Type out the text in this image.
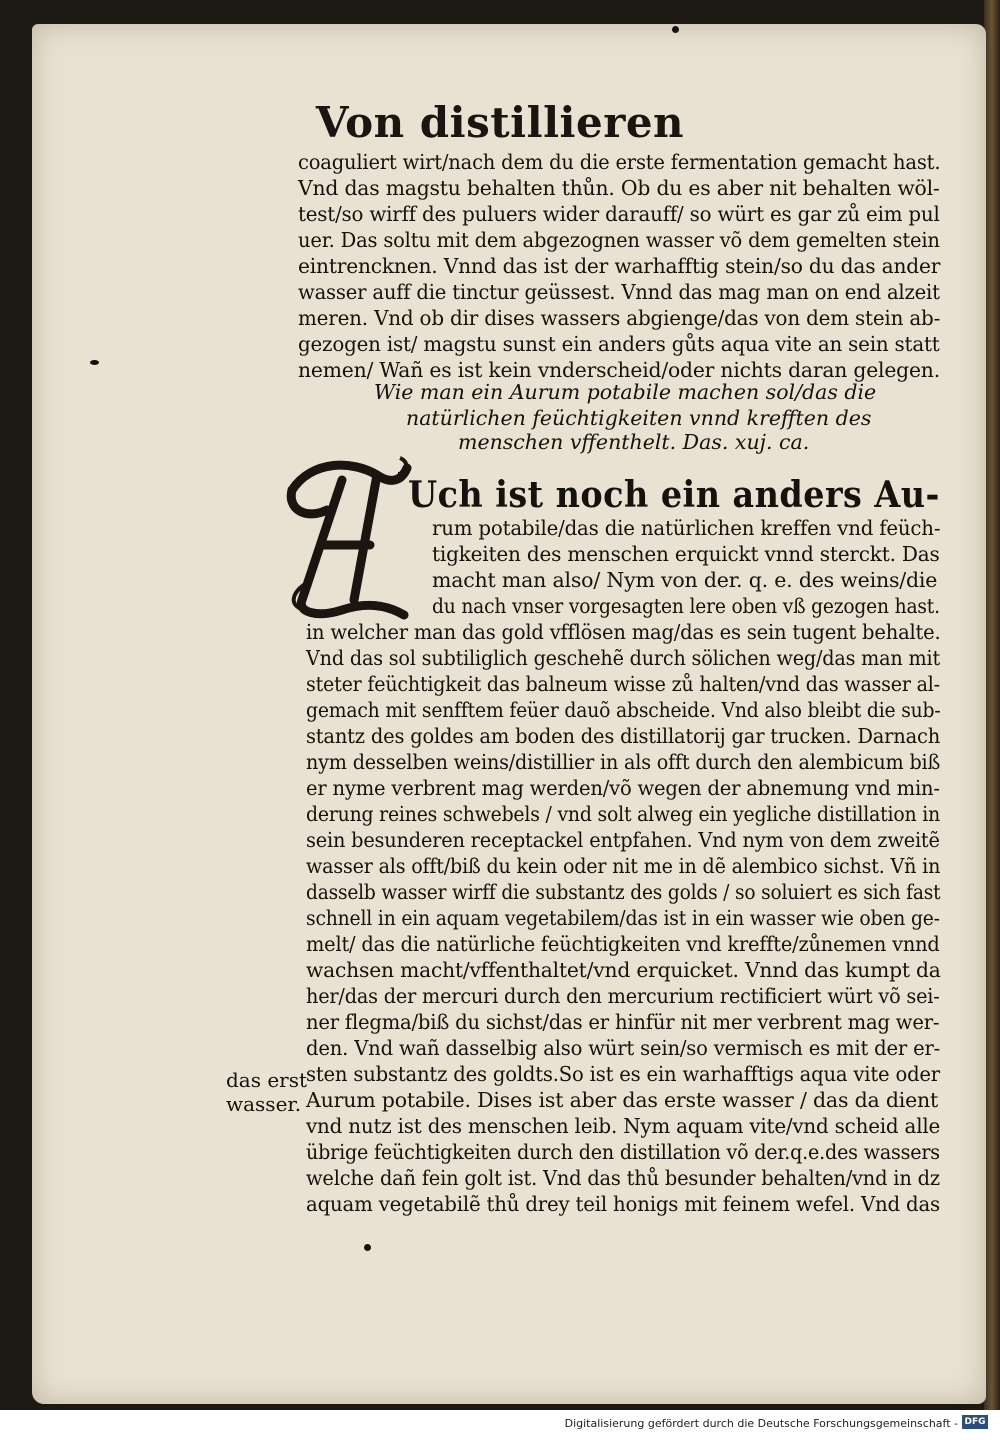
Von distillieren
coaguliert wirt/nach dem du die erste fermentation gemacht hast.
Vnd das magstu behalten thůn. Ob du es aber nit behalten wöl-
test/so wirff des puluers wider darauff/ so würt es gar zů eim pul
uer. Das soltu mit dem abgezognen wasser võ dem gemelten stein
eintrencknen. Vnnd das ist der warhafftig stein/so du das ander
wasser auff die tinctur geüssest. Vnnd das mag man on end alzeit
meren. Vnd ob dir dises wassers abgienge/das von dem stein ab-
gezogen ist/ magstu sunst ein anders gůts aqua vite an sein statt
nemen/ Wañ es ist kein vnderscheid/oder nichts daran gelegen.
Wie man ein Aurum potabile machen sol/das die
natürlichen feüchtigkeiten vnnd krefften des
menschen vffenthelt. Das. xuj. ca.
Uch ist noch ein anders Au-
rum potabile/das die natürlichen kreffen vnd feüch-
tigkeiten des menschen erquickt vnnd sterckt. Das
macht man also/ Nym von der. q. e. des weins/die
du nach vnser vorgesagten lere oben vß gezogen hast.
in welcher man das gold vfflösen mag/das es sein tugent behalte.
Vnd das sol subtiliglich geschehẽ durch sölichen weg/das man mit
steter feüchtigkeit das balneum wisse zů halten/vnd das wasser al-
gemach mit senfftem feüer dauõ abscheide. Vnd also bleibt die sub-
stantz des goldes am boden des distillatorij gar trucken. Darnach
nym desselben weins/distillier in als offt durch den alembicum biß
er nyme verbrent mag werden/võ wegen der abnemung vnd min-
derung reines schwebels / vnd solt alweg ein yegliche distillation in
sein besunderen receptackel entpfahen. Vnd nym von dem zweitẽ
wasser als offt/biß du kein oder nit me in dẽ alembico sichst. Vñ in
dasselb wasser wirff die substantz des golds / so soluiert es sich fast
schnell in ein aquam vegetabilem/das ist in ein wasser wie oben ge-
melt/ das die natürliche feüchtigkeiten vnd kreffte/zůnemen vnnd
wachsen macht/vffenthaltet/vnd erquicket. Vnnd das kumpt da
her/das der mercuri durch den mercurium rectificiert würt võ sei-
ner flegma/biß du sichst/das er hinfür nit mer verbrent mag wer-
den. Vnd wañ dasselbig also würt sein/so vermisch es mit der er-
sten substantz des goldts.So ist es ein warhafftigs aqua vite oder
Aurum potabile. Dises ist aber das erste wasser / das da dient
vnd nutz ist des menschen leib. Nym aquam vite/vnd scheid alle
übrige feüchtigkeiten durch den distillation võ der.q.e.des wassers
welche dañ fein golt ist. Vnd das thů besunder behalten/vnd in dz
aquam vegetabilẽ thů drey teil honigs mit feinem wefel. Vnd das
das erst
wasser.
Digitalisierung gefördert durch die Deutsche Forschungsgemeinschaft - DFG
